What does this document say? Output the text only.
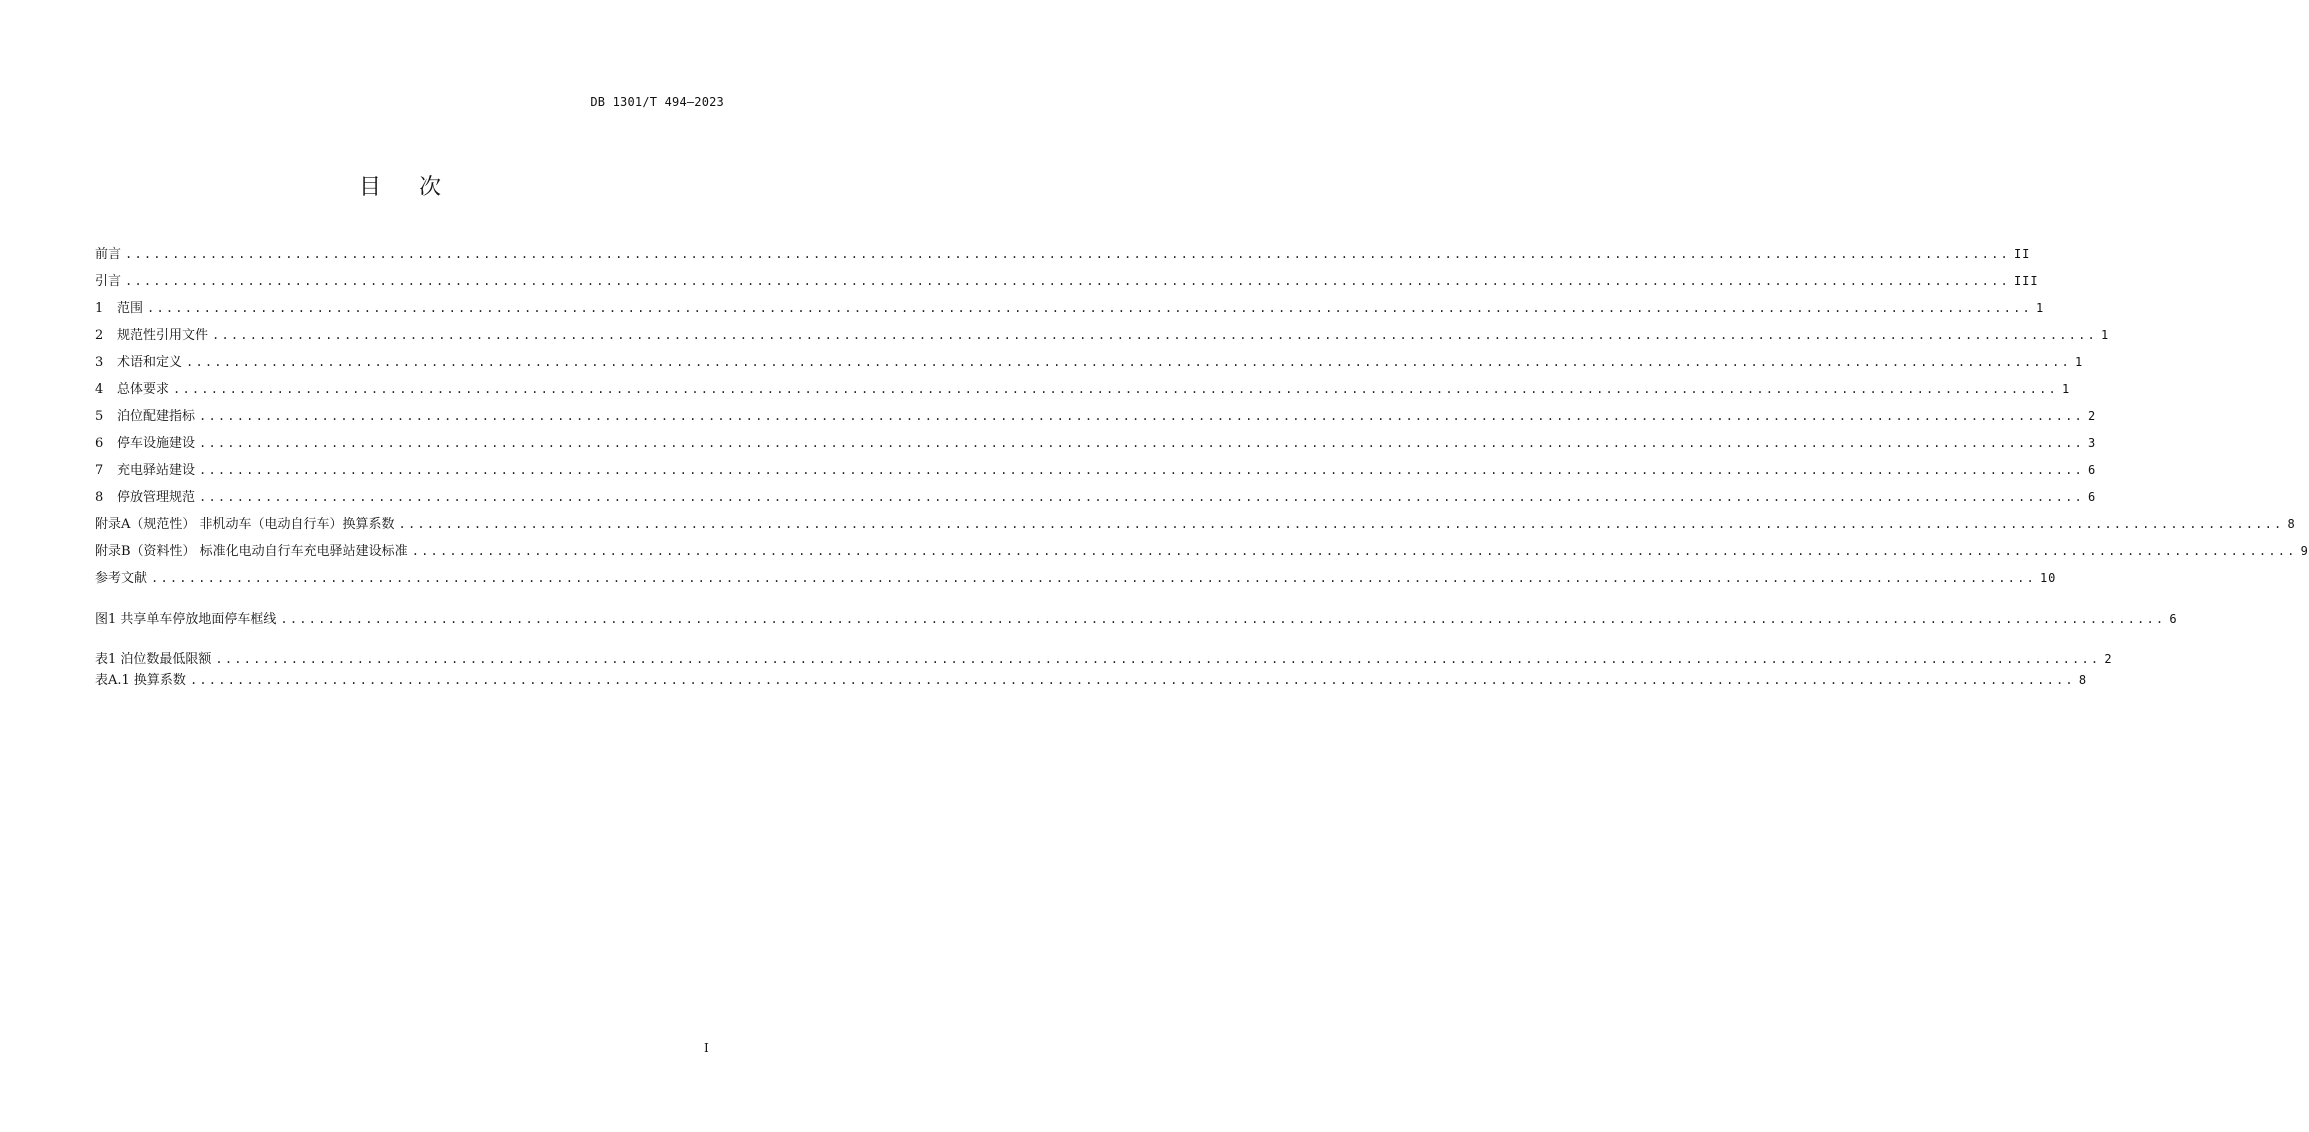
DB 1301/T 494—2023
目次
前言 ........................................................................................................................................................................................................ II
引言 ........................................................................................................................................................................................................ III
1 范围 ........................................................................................................................................................................................................ 1
2 规范性引用文件 ........................................................................................................................................................................................................ 1
3 术语和定义 ........................................................................................................................................................................................................ 1
4 总体要求 ........................................................................................................................................................................................................ 1
5 泊位配建指标 ........................................................................................................................................................................................................ 2
6 停车设施建设 ........................................................................................................................................................................................................ 3
7 充电驿站建设 ........................................................................................................................................................................................................ 6
8 停放管理规范 ........................................................................................................................................................................................................ 6
附录A（规范性） 非机动车（电动自行车）换算系数 ........................................................................................................................................................................................................ 8
附录B（资料性） 标准化电动自行车充电驿站建设标准 ........................................................................................................................................................................................................ 9
参考文献 ........................................................................................................................................................................................................ 10
图1 共享单车停放地面停车框线 ........................................................................................................................................................................................................ 6
表1 泊位数最低限额 ........................................................................................................................................................................................................ 2
表A.1 换算系数 ........................................................................................................................................................................................................ 8
I
